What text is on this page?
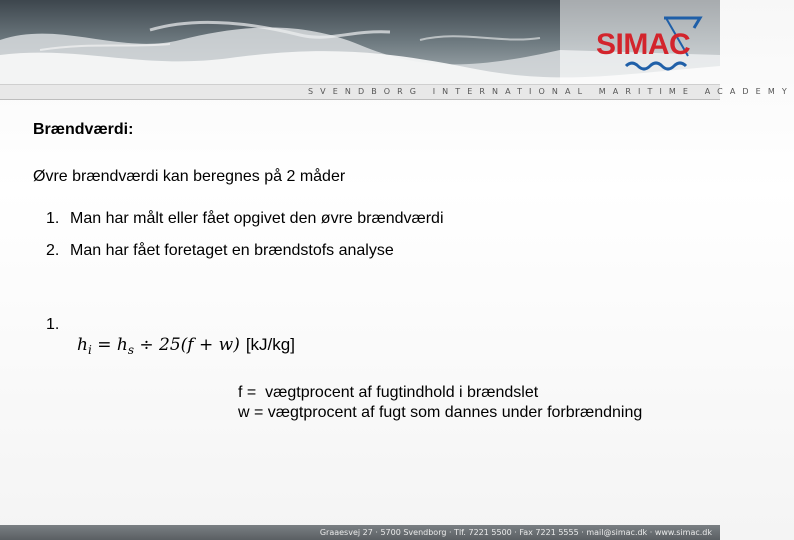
SIMAC
SVENDBORG INTERNATIONAL MARITIME ACADEMY
Brændværdi:
Øvre brændværdi kan beregnes på 2 måder
1. Man har målt eller fået opgivet den øvre brændværdi
2. Man har fået foretaget en brændstofs analyse
1.
$h_i = h_s \div 25(f + w)$ [kJ/kg]
f =  vægtprocent af fugtindhold i brændslet
w = vægtprocent af fugt som dannes under forbrændning
Graaesvej 27 · 5700 Svendborg · Tlf. 7221 5500 · Fax 7221 5555 · mail@simac.dk · www.simac.dk
